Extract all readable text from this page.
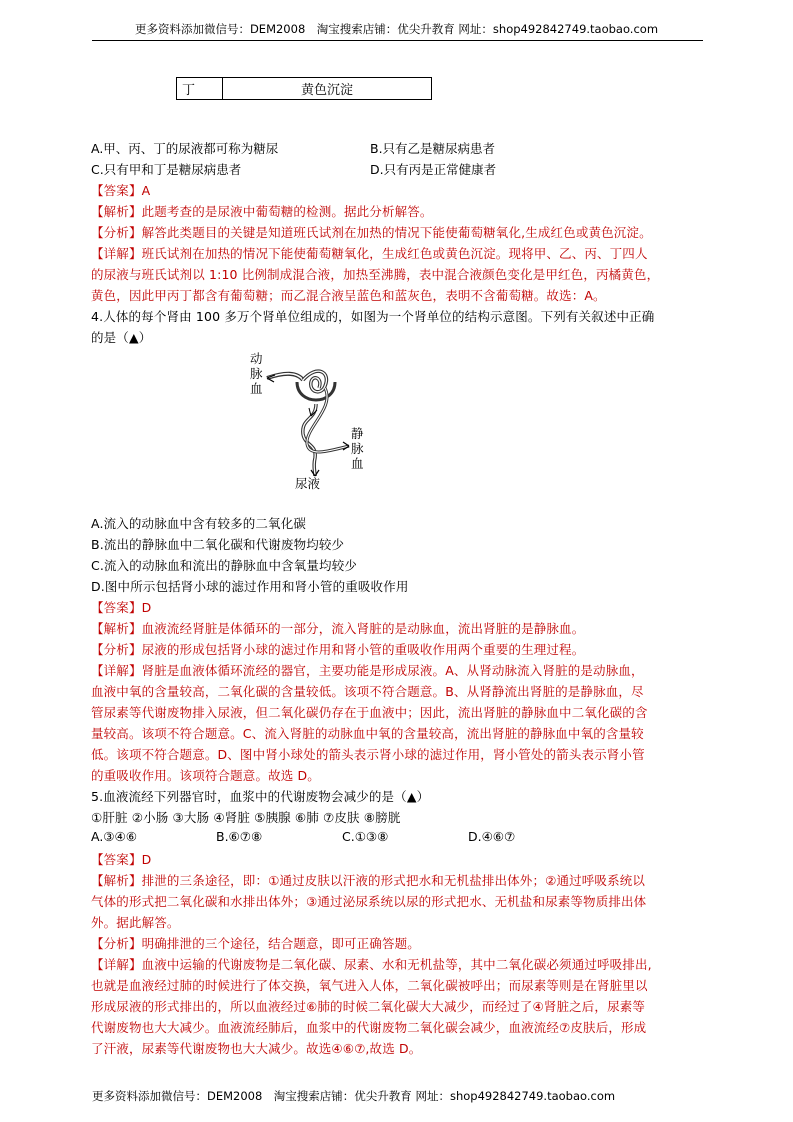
更多资料添加微信号：DEM2008　淘宝搜索店铺：优尖升教育 网址：shop492842749.taobao.com
丁	黄色沉淀
A.甲、丙、丁的尿液都可称为糖尿	B.只有乙是糖尿病患者
C.只有甲和丁是糖尿病患者	D.只有丙是正常健康者
【答案】A
【解析】此题考查的是尿液中葡萄糖的检测。据此分析解答。
【分析】解答此类题目的关键是知道班氏试剂在加热的情况下能使葡萄糖氧化,生成红色或黄色沉淀。
【详解】班氏试剂在加热的情况下能使葡萄糖氧化，生成红色或黄色沉淀。现将甲、乙、丙、丁四人
的尿液与班氏试剂以 1:10 比例制成混合液，加热至沸腾，表中混合液颜色变化是甲红色，丙橘黄色，
黄色，因此甲丙丁都含有葡萄糖；而乙混合液呈蓝色和蓝灰色，表明不含葡萄糖。故选：A。
4.人体的每个肾由 100 多万个肾单位组成的，如图为一个肾单位的结构示意图。下列有关叙述中正确
的是（▲）
动
脉
血
静
脉
血
尿液
A.流入的动脉血中含有较多的二氧化碳
B.流出的静脉血中二氧化碳和代谢废物均较少
C.流入的动脉血和流出的静脉血中含氧量均较少
D.图中所示包括肾小球的滤过作用和肾小管的重吸收作用
【答案】D
【解析】血液流经肾脏是体循环的一部分，流入肾脏的是动脉血，流出肾脏的是静脉血。
【分析】尿液的形成包括肾小球的滤过作用和肾小管的重吸收作用两个重要的生理过程。
【详解】肾脏是血液体循环流经的器官，主要功能是形成尿液。A、从肾动脉流入肾脏的是动脉血，
血液中氧的含量较高，二氧化碳的含量较低。该项不符合题意。B、从肾静流出肾脏的是静脉血，尽
管尿素等代谢废物排入尿液，但二氧化碳仍存在于血液中；因此，流出肾脏的静脉血中二氧化碳的含
量较高。该项不符合题意。C、流入肾脏的动脉血中氧的含量较高，流出肾脏的静脉血中氧的含量较
低。该项不符合题意。D、图中肾小球处的箭头表示肾小球的滤过作用，肾小管处的箭头表示肾小管
的重吸收作用。该项符合题意。故选 D。
5.血液流经下列器官时，血浆中的代谢废物会减少的是（▲）
①肝脏 ②小肠 ③大肠 ④肾脏 ⑤胰腺 ⑥肺 ⑦皮肤 ⑧膀胱
A.③④⑥	B.⑥⑦⑧	C.①③⑧	D.④⑥⑦
【答案】D
【解析】排泄的三条途径，即：①通过皮肤以汗液的形式把水和无机盐排出体外；②通过呼吸系统以
气体的形式把二氧化碳和水排出体外；③通过泌尿系统以尿的形式把水、无机盐和尿素等物质排出体
外。据此解答。
【分析】明确排泄的三个途径，结合题意，即可正确答题。
【详解】血液中运输的代谢废物是二氧化碳、尿素、水和无机盐等，其中二氧化碳必须通过呼吸排出,
也就是血液经过肺的时候进行了体交换，氧气进入人体，二氧化碳被呼出；而尿素等则是在肾脏里以
形成尿液的形式排出的，所以血液经过⑥肺的时候二氧化碳大大减少，而经过了④肾脏之后，尿素等
代谢废物也大大减少。血液流经肺后，血浆中的代谢废物二氧化碳会减少，血液流经⑦皮肤后，形成
了汗液，尿素等代谢废物也大大减少。故选④⑥⑦,故选 D。
更多资料添加微信号：DEM2008　淘宝搜索店铺：优尖升教育 网址：shop492842749.taobao.com
